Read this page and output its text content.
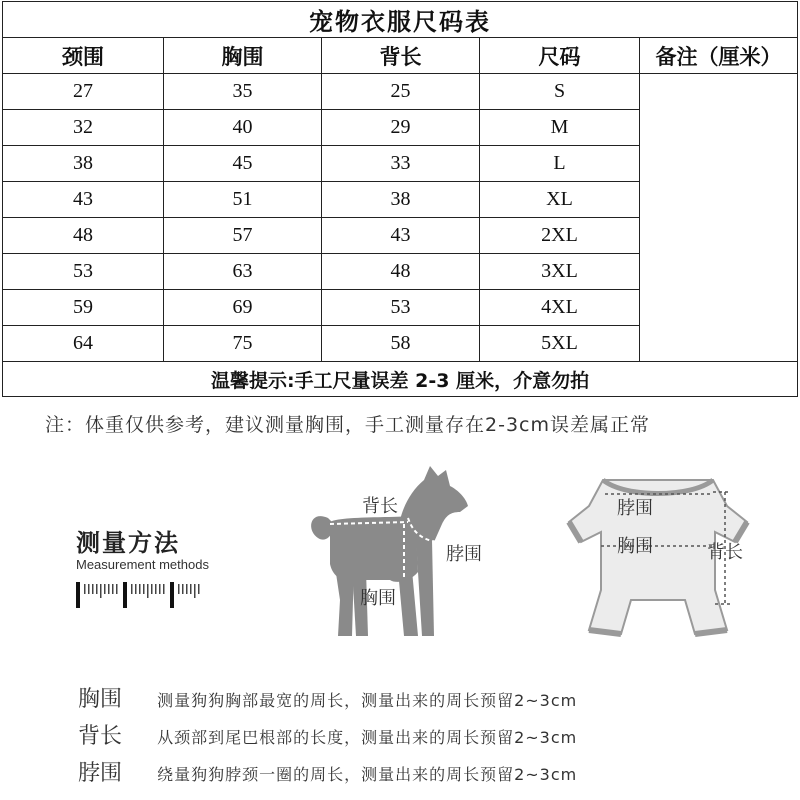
宠物衣服尺码表				
颈围	胸围	背长	尺码	备注（厘米）
27	35	25	S	
32	40	29	M	
38	45	33	L	
43	51	38	XL	
48	57	43	2XL	
53	63	48	3XL	
59	69	53	4XL	
64	75	58	5XL	
温馨提示:手工尺量误差 2-3 厘米，介意勿拍				
注：体重仅供参考，建议测量胸围，手工测量存在2-3cm误差属正常
测量方法
Measurement methods
背长
脖围
胸围
脖围
胸围	背长
胸围 测量狗狗胸部最宽的周长，测量出来的周长预留2~3cm
背长 从颈部到尾巴根部的长度，测量出来的周长预留2~3cm
脖围 绕量狗狗脖颈一圈的周长，测量出来的周长预留2~3cm
